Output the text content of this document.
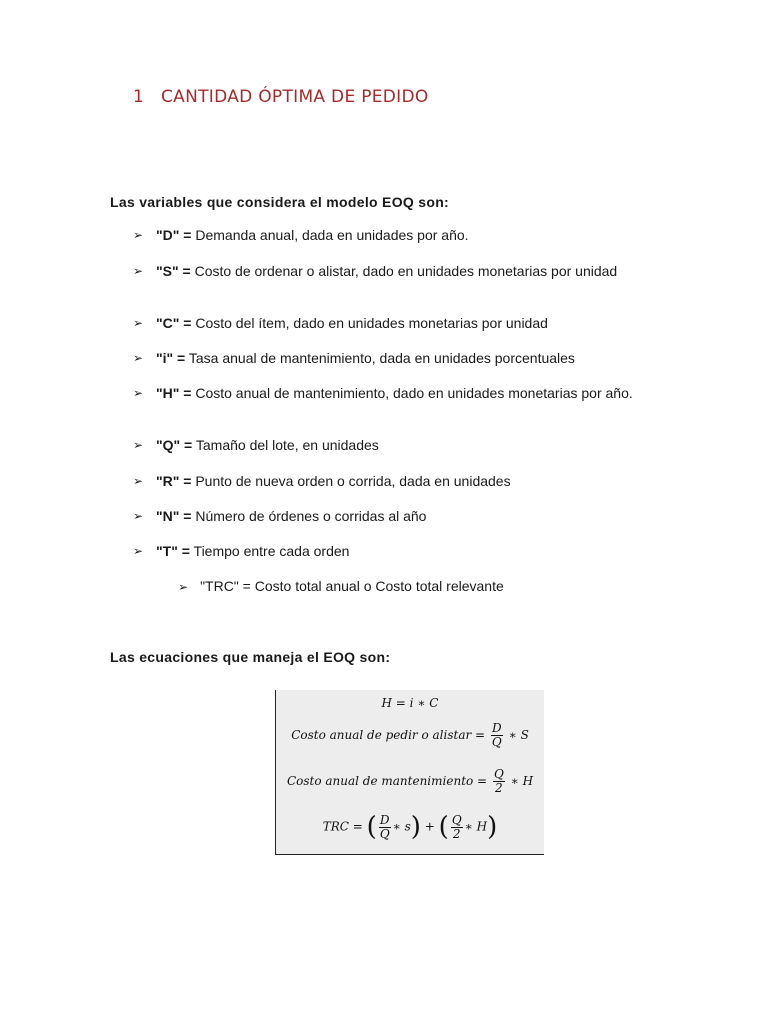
1 CANTIDAD ÓPTIMA DE PEDIDO
Las variables que considera el modelo EOQ son:
➢ "D" = Demanda anual, dada en unidades por año.
➢ "S" = Costo de ordenar o alistar, dado en unidades monetarias por unidad
➢ "C" = Costo del ítem, dado en unidades monetarias por unidad
➢ "i" = Tasa anual de mantenimiento, dada en unidades porcentuales
➢ "H" = Costo anual de mantenimiento, dado en unidades monetarias por año.
➢ "Q" = Tamaño del lote, en unidades
➢ "R" = Punto de nueva orden o corrida, dada en unidades
➢ "N" = Número de órdenes o corridas al año
➢ "T" = Tiempo entre cada orden
➢ "TRC" = Costo total anual o Costo total relevante
Las ecuaciones que maneja el EOQ son:
H = i ∗ C
Costo anual de pedir o alistar = $\frac{D}{Q}$ ∗ S
Costo anual de mantenimiento = $\frac{Q}{2}$ ∗ H
TRC = ( $\frac{D}{Q}$ ∗ s) + ( $\frac{Q}{2}$ ∗ H)
